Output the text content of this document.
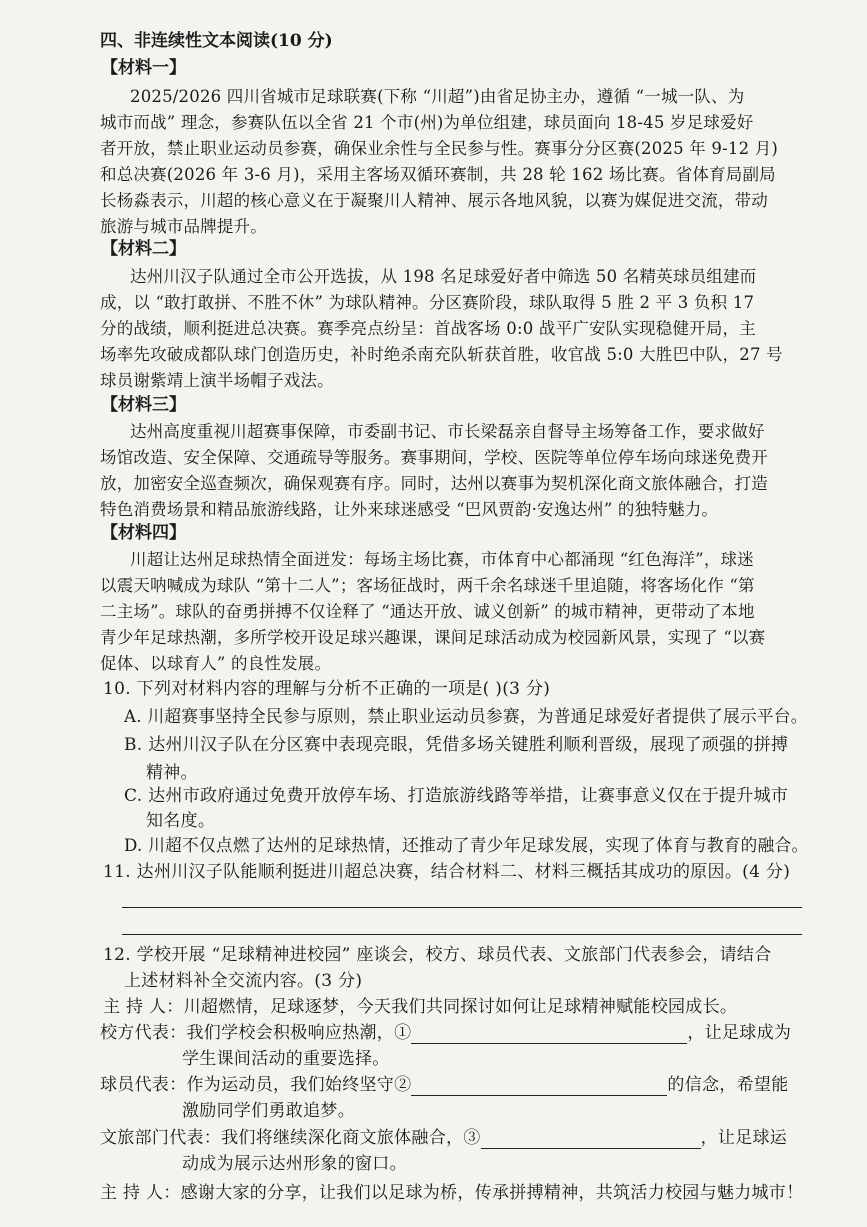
四、非连续性文本阅读(10 分)
【材料一】
2025/2026 四川省城市足球联赛(下称 “川超”)由省足协主办，遵循 “一城一队、为
城市而战” 理念，参赛队伍以全省 21 个市(州)为单位组建，球员面向 18-45 岁足球爱好
者开放，禁止职业运动员参赛，确保业余性与全民参与性。赛事分分区赛(2025 年 9-12 月)
和总决赛(2026 年 3-6 月)，采用主客场双循环赛制，共 28 轮 162 场比赛。省体育局副局
长杨淼表示，川超的核心意义在于凝聚川人精神、展示各地风貌，以赛为媒促进交流，带动
旅游与城市品牌提升。
【材料二】
达州川汉子队通过全市公开选拔，从 198 名足球爱好者中筛选 50 名精英球员组建而
成，以 “敢打敢拼、不胜不休” 为球队精神。分区赛阶段，球队取得 5 胜 2 平 3 负积 17
分的战绩，顺利挺进总决赛。赛季亮点纷呈：首战客场 0:0 战平广安队实现稳健开局，主
场率先攻破成都队球门创造历史，补时绝杀南充队斩获首胜，收官战 5:0 大胜巴中队，27 号
球员谢紫靖上演半场帽子戏法。
【材料三】
达州高度重视川超赛事保障，市委副书记、市长梁磊亲自督导主场筹备工作，要求做好
场馆改造、安全保障、交通疏导等服务。赛事期间，学校、医院等单位停车场向球迷免费开
放，加密安全巡查频次，确保观赛有序。同时，达州以赛事为契机深化商文旅体融合，打造
特色消费场景和精品旅游线路，让外来球迷感受 “巴风贾韵·安逸达州” 的独特魅力。
【材料四】
川超让达州足球热情全面迸发：每场主场比赛，市体育中心都涌现 “红色海洋”，球迷
以震天呐喊成为球队 “第十二人”；客场征战时，两千余名球迷千里追随，将客场化作 “第
二主场”。球队的奋勇拼搏不仅诠释了 “通达开放、诚义创新” 的城市精神，更带动了本地
青少年足球热潮，多所学校开设足球兴趣课，课间足球活动成为校园新风景，实现了 “以赛
促体、以球育人” 的良性发展。
10. 下列对材料内容的理解与分析不正确的一项是( )(3 分)
A. 川超赛事坚持全民参与原则，禁止职业运动员参赛，为普通足球爱好者提供了展示平台。
B. 达州川汉子队在分区赛中表现亮眼，凭借多场关键胜利顺利晋级，展现了顽强的拼搏
精神。
C. 达州市政府通过免费开放停车场、打造旅游线路等举措，让赛事意义仅在于提升城市
知名度。
D. 川超不仅点燃了达州的足球热情，还推动了青少年足球发展，实现了体育与教育的融合。
11. 达州川汉子队能顺利挺进川超总决赛，结合材料二、材料三概括其成功的原因。(4 分)
12. 学校开展 “足球精神进校园” 座谈会，校方、球员代表、文旅部门代表参会，请结合
上述材料补全交流内容。(3 分)
主 持 人：川超燃情，足球逐梦，今天我们共同探讨如何让足球精神赋能校园成长。
校方代表：我们学校会积极响应热潮，①	，让足球成为
学生课间活动的重要选择。
球员代表：作为运动员，我们始终坚守②	的信念，希望能
激励同学们勇敢追梦。
文旅部门代表：我们将继续深化商文旅体融合，③	，让足球运
动成为展示达州形象的窗口。
主 持 人：感谢大家的分享，让我们以足球为桥，传承拼搏精神，共筑活力校园与魅力城市！
